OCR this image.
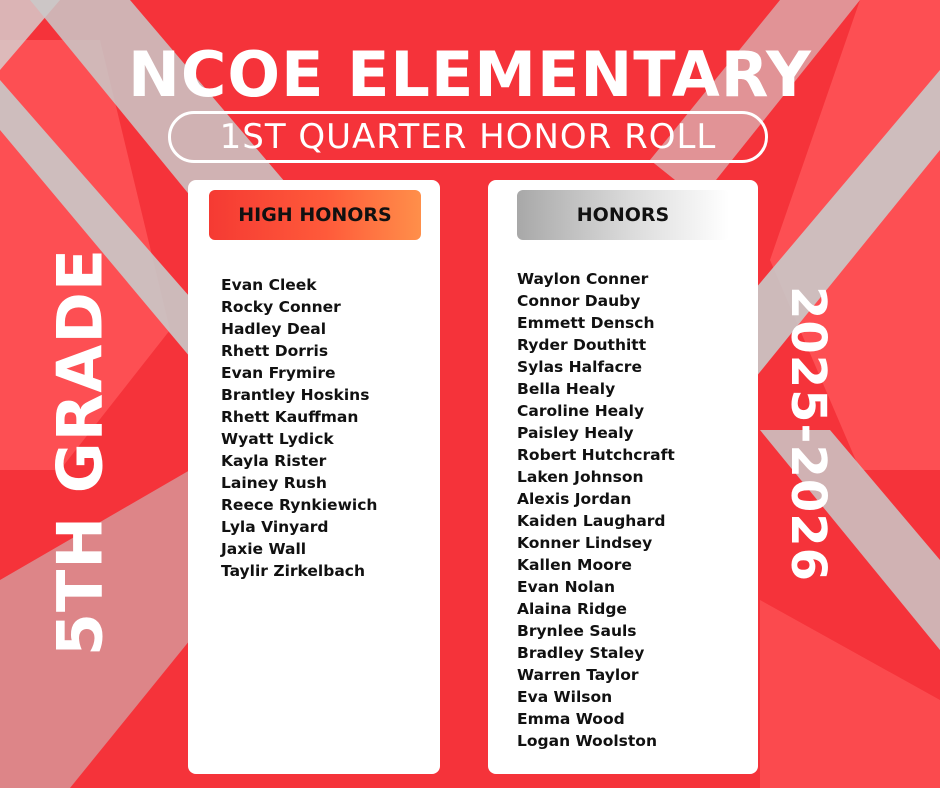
NCOE ELEMENTARY
1ST QUARTER HONOR ROLL
5TH GRADE	2025-2026
HIGH HONORS
Evan Cleek
Rocky Conner
Hadley Deal
Rhett Dorris
Evan Frymire
Brantley Hoskins
Rhett Kauffman
Wyatt Lydick
Kayla Rister
Lainey Rush
Reece Rynkiewich
Lyla Vinyard
Jaxie Wall
Taylir Zirkelbach
HONORS
Waylon Conner
Connor Dauby
Emmett Densch
Ryder Douthitt
Sylas Halfacre
Bella Healy
Caroline Healy
Paisley Healy
Robert Hutchcraft
Laken Johnson
Alexis Jordan
Kaiden Laughard
Konner Lindsey
Kallen Moore
Evan Nolan
Alaina Ridge
Brynlee Sauls
Bradley Staley
Warren Taylor
Eva Wilson
Emma Wood
Logan Woolston
